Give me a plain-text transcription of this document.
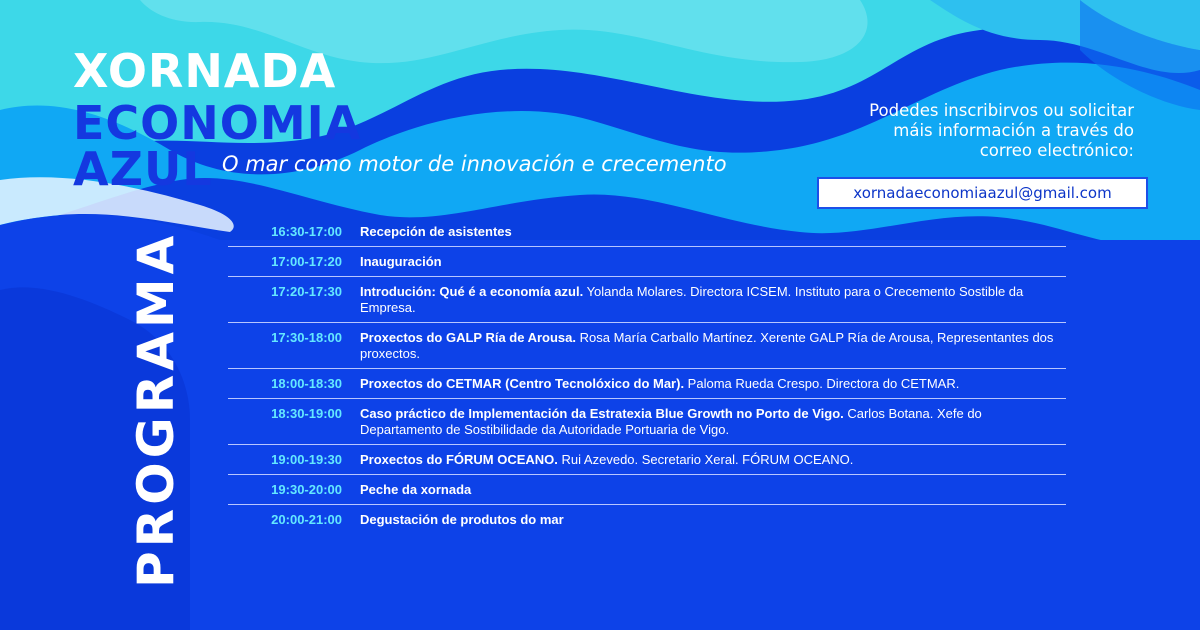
XORNADA
ECONOMIA
AZUL O mar como motor de innovación e crecemento
Podedes inscribirvos ou solicitar
máis información a través do
correo electrónico:
xornadaeconomiaazul@gmail.com
PROGRAMA
16:30-17:00 Recepción de asistentes
17:00-17:20 Inauguración
17:20-17:30 Introdución: Qué é a economía azul. Yolanda Molares. Directora ICSEM. Instituto para o Crecemento Sostible da Empresa.
17:30-18:00 Proxectos do GALP Ría de Arousa. Rosa María Carballo Martínez. Xerente GALP Ría de Arousa, Representantes dos proxectos.
18:00-18:30 Proxectos do CETMAR (Centro Tecnolóxico do Mar). Paloma Rueda Crespo. Directora do CETMAR.
18:30-19:00 Caso práctico de Implementación da Estratexia Blue Growth no Porto de Vigo. Carlos Botana. Xefe do Departamento de Sostibilidade da Autoridade Portuaria de Vigo.
19:00-19:30 Proxectos do FÓRUM OCEANO. Rui Azevedo. Secretario Xeral. FÓRUM OCEANO.
19:30-20:00 Peche da xornada
20:00-21:00 Degustación de produtos do mar
